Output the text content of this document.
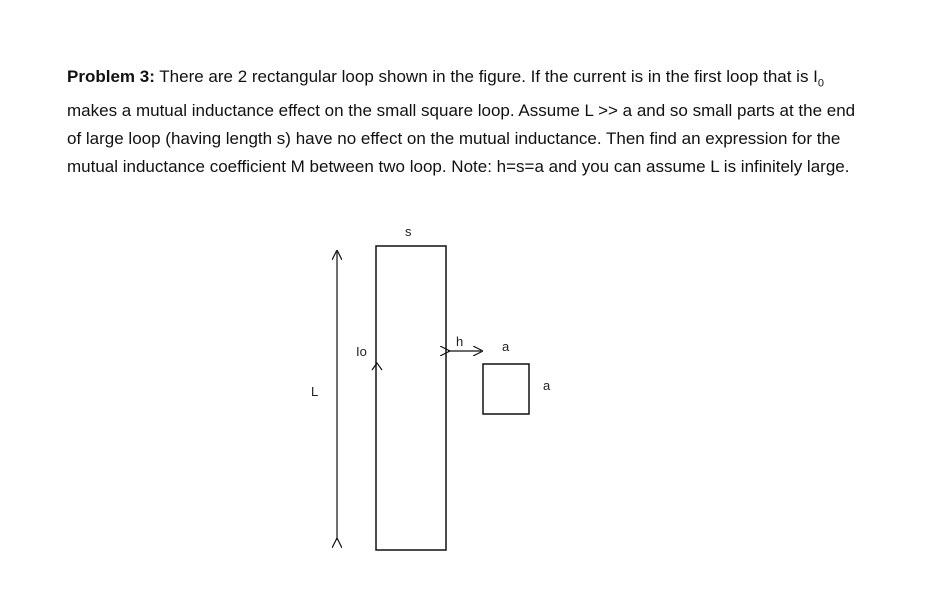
Problem 3: There are 2 rectangular loop shown in the figure. If the current is in the first loop that is $I_0$ makes a mutual inductance effect on the small square loop. Assume L >> a and so small parts at the end of large loop (having length s) have no effect on the mutual inductance. Then find an expression for the mutual inductance coefficient M between two loop. Note: h=s=a and you can assume L is infinitely large.
L
s
Io
h	a
a
